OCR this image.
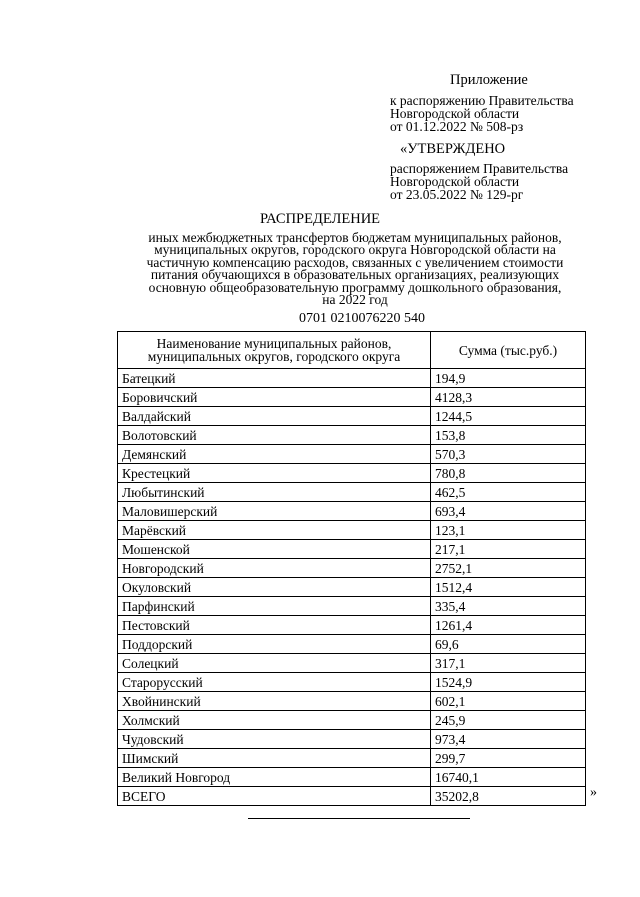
Приложение
к распоряжению Правительства
Новгородской области
от 01.12.2022 № 508-рз
«УТВЕРЖДЕНО
распоряжением Правительства
Новгородской области
от 23.05.2022 № 129-рг
РАСПРЕДЕЛЕНИЕ
иных межбюджетных трансфертов бюджетам муниципальных районов,
муниципальных округов, городского округа Новгородской области на
частичную компенсацию расходов, связанных с увеличением стоимости
питания обучающихся в образовательных организациях, реализующих
основную общеобразовательную программу дошкольного образования,
на 2022 год
0701 0210076220 540
Наименование муниципальных районов,
муниципальных округов, городского округа	Сумма (тыс.руб.)
Батецкий	194,9
Боровичский	4128,3
Валдайский	1244,5
Волотовский	153,8
Демянский	570,3
Крестецкий	780,8
Любытинский	462,5
Маловишерский	693,4
Марёвский	123,1
Мошенской	217,1
Новгородский	2752,1
Окуловский	1512,4
Парфинский	335,4
Пестовский	1261,4
Поддорский	69,6
Солецкий	317,1
Старорусский	1524,9
Хвойнинский	602,1
Холмский	245,9
Чудовский	973,4
Шимский	299,7
Великий Новгород	16740,1
ВСЕГО	35202,8	»
